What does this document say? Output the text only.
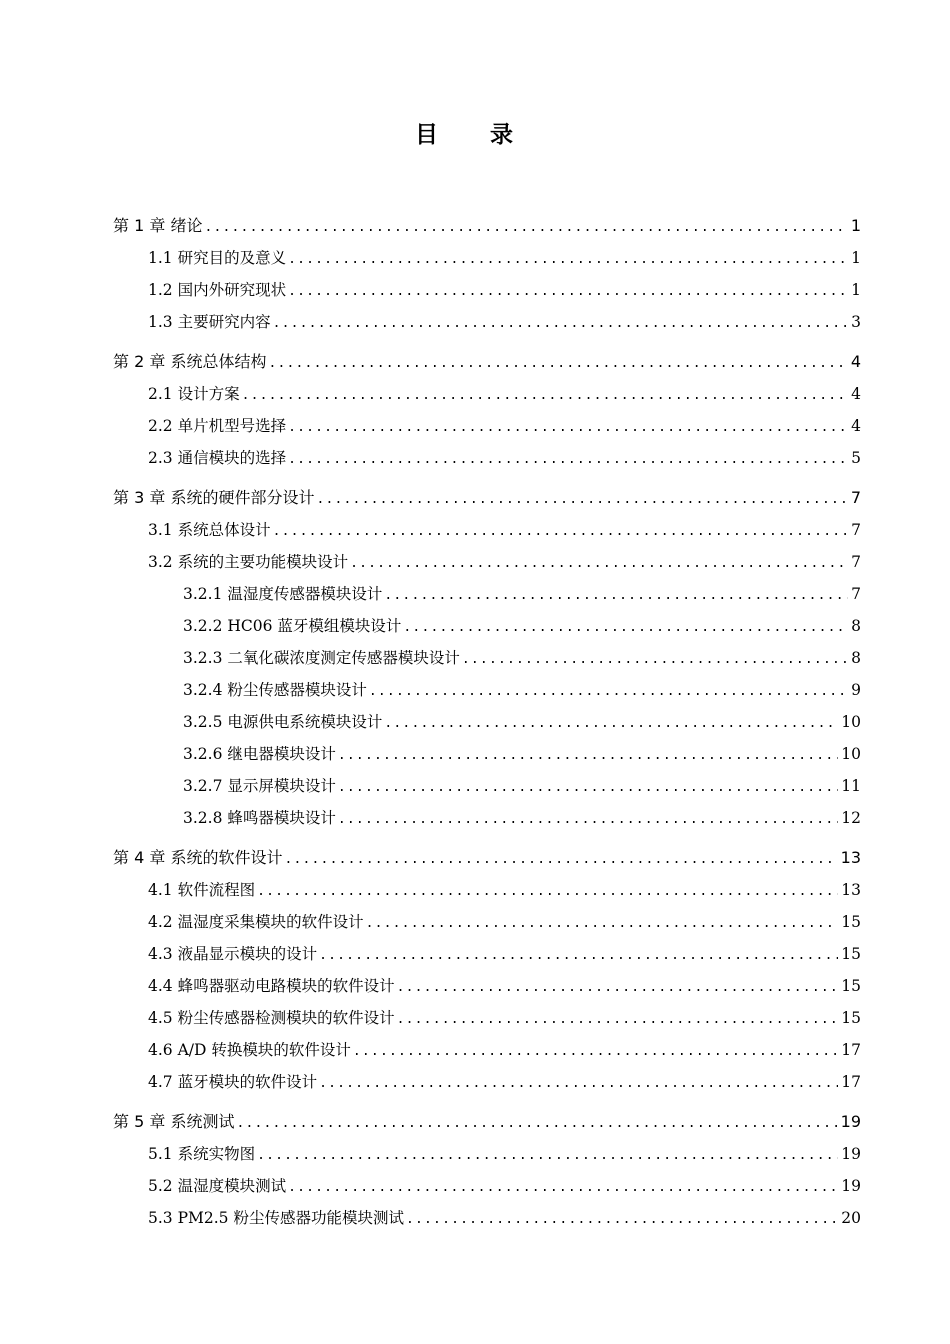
目 录
第 1 章 绪论 .....	1
1.1 研究目的及意义 .....	1
1.2 国内外研究现状 .....	1
1.3 主要研究内容 .....	3
第 2 章 系统总体结构 .....	4
2.1 设计方案 .....	4
2.2 单片机型号选择 .....	4
2.3 通信模块的选择 .....	5
第 3 章 系统的硬件部分设计 .....	7
3.1 系统总体设计 .....	7
3.2 系统的主要功能模块设计 .....	7
3.2.1 温湿度传感器模块设计 .....	7
3.2.2 HC06 蓝牙模组模块设计 .....	8
3.2.3 二氧化碳浓度测定传感器模块设计 .....	8
3.2.4 粉尘传感器模块设计 .....	9
3.2.5 电源供电系统模块设计 .....	10
3.2.6 继电器模块设计 .....	10
3.2.7 显示屏模块设计 .....	11
3.2.8 蜂鸣器模块设计 .....	12
第 4 章 系统的软件设计 .....	13
4.1 软件流程图 .....	13
4.2 温湿度采集模块的软件设计 .....	15
4.3 液晶显示模块的设计 .....	15
4.4 蜂鸣器驱动电路模块的软件设计 .....	15
4.5 粉尘传感器检测模块的软件设计 .....	15
4.6 A/D 转换模块的软件设计 .....	17
4.7 蓝牙模块的软件设计 .....	17
第 5 章 系统测试 .....	19
5.1 系统实物图 .....	19
5.2 温湿度模块测试 .....	19
5.3 PM2.5 粉尘传感器功能模块测试 .....	20
